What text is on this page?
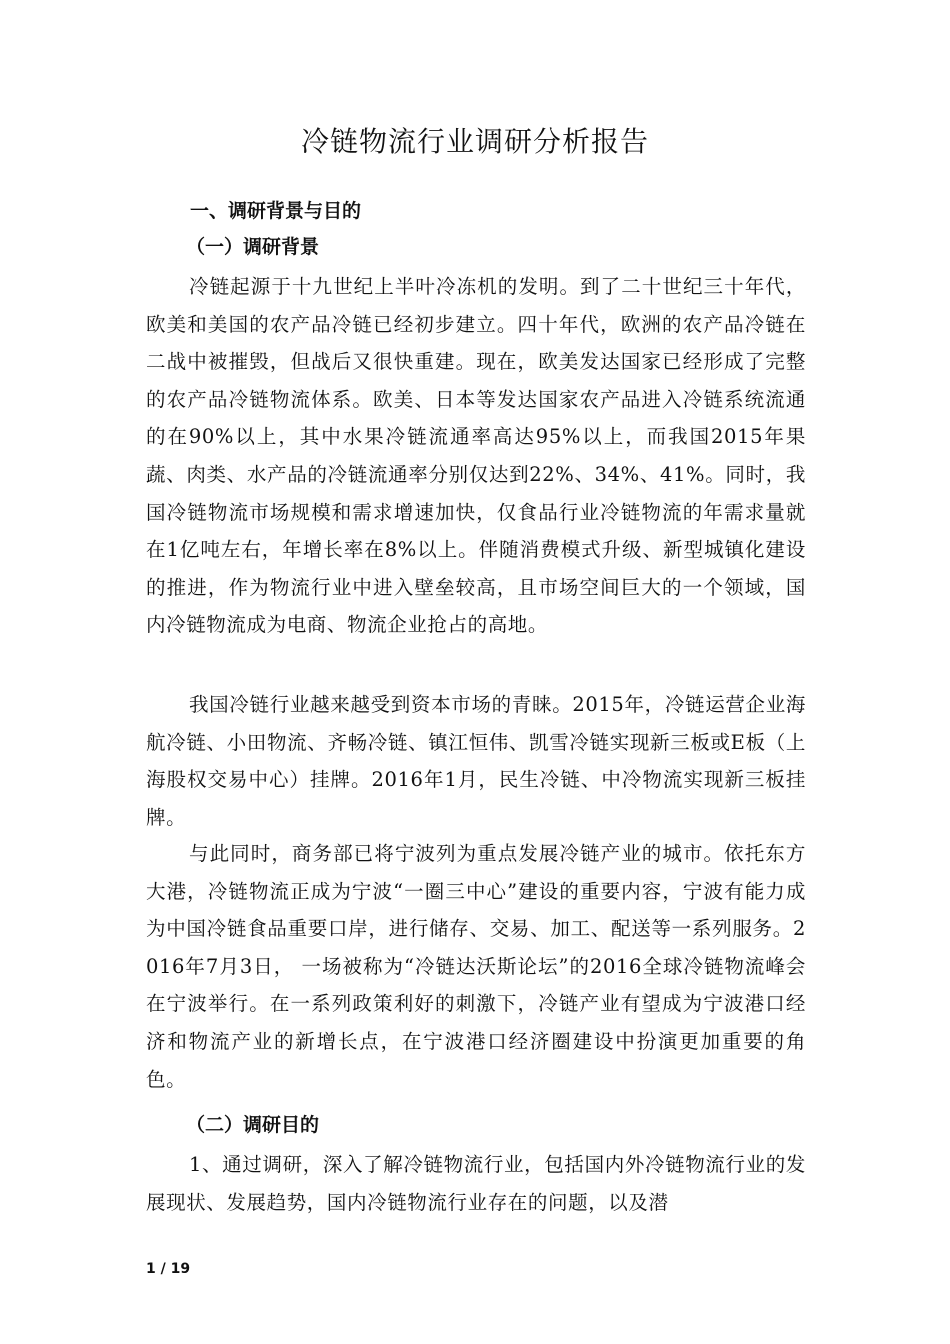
冷链物流行业调研分析报告
一、调研背景与目的
（一）调研背景

冷链起源于十九世纪上半叶冷冻机的发明。到了二十世纪三十年代，欧美和美国的农产品冷链已经初步建立。四十年代，欧洲的农产品冷链在二战中被摧毁，但战后又很快重建。现在，欧美发达国家已经形成了完整的农产品冷链物流体系。欧美、日本等发达国家农产品进入冷链系统流通的在90%以上，其中水果冷链流通率高达95%以上，而我国2015年果蔬、肉类、水产品的冷链流通率分别仅达到22%、34%、41%。同时，我国冷链物流市场规模和需求增速加快，仅食品行业冷链物流的年需求量就在1亿吨左右，年增长率在8%以上。伴随消费模式升级、新型城镇化建设的推进，作为物流行业中进入壁垒较高，且市场空间巨大的一个领域，国内冷链物流成为电商、物流企业抢占的高地。

我国冷链行业越来越受到资本市场的青睐。2015年，冷链运营企业海航冷链、小田物流、齐畅冷链、镇江恒伟、凯雪冷链实现新三板或E板（上海股权交易中心）挂牌。2016年1月，民生冷链、中冷物流实现新三板挂牌。

与此同时，商务部已将宁波列为重点发展冷链产业的城市。依托东方大港，冷链物流正成为宁波“一圈三中心”建设的重要内容，宁波有能力成为中国冷链食品重要口岸，进行储存、交易、加工、配送等一系列服务。2016年7月3日， 一场被称为“冷链达沃斯论坛”的2016全球冷链物流峰会在宁波举行。在一系列政策利好的刺激下，冷链产业有望成为宁波港口经济和物流产业的新增长点，在宁波港口经济圈建设中扮演更加重要的角色。

（二）调研目的

1、通过调研，深入了解冷链物流行业，包括国内外冷链物流行业的发展现状、发展趋势，国内冷链物流行业存在的问题，以及潜

1 / 19
